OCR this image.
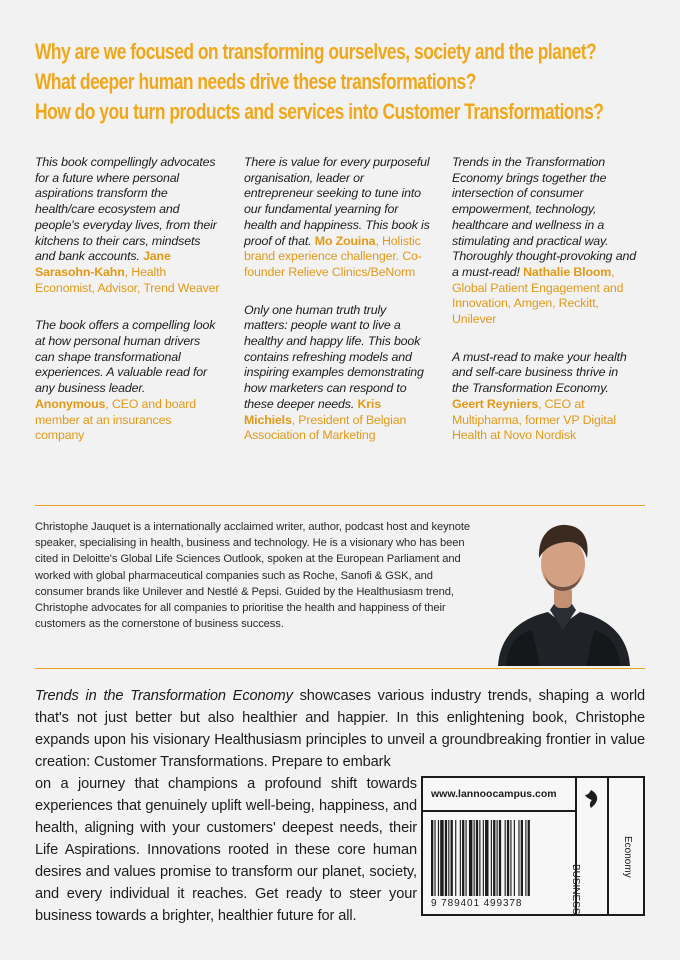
Why are we focused on transforming ourselves, society and the planet?
What deeper human needs drive these transformations?
How do you turn products and services into Customer Transformations?

This book compellingly advocates for a future where personal aspirations transform the health/care ecosystem and people's everyday lives, from their kitchens to their cars, mindsets and bank accounts. Jane Sarasohn-Kahn, Health Economist, Advisor, Trend Weaver

The book offers a compelling look at how personal human drivers can shape transformational experiences. A valuable read for any business leader. Anonymous, CEO and board member at an insurances company

There is value for every purposeful organisation, leader or entrepreneur seeking to tune into our fundamental yearning for health and happiness. This book is proof of that. Mo Zouina, Holistic brand experience challenger. Co-founder Relieve Clinics/BeNorm

Only one human truth truly matters: people want to live a healthy and happy life. This book contains refreshing models and inspiring examples demonstrating how marketers can respond to these deeper needs. Kris Michiels, President of Belgian Association of Marketing

Trends in the Transformation Economy brings together the intersection of consumer empowerment, technology, healthcare and wellness in a stimulating and practical way. Thoroughly thought-provoking and a must-read! Nathalie Bloom, Global Patient Engagement and Innovation, Amgen, Reckitt, Unilever

A must-read to make your health and self-care business thrive in the Transformation Economy. Geert Reyniers, CEO at Multipharma, former VP Digital Health at Novo Nordisk

Christophe Jauquet is a internationally acclaimed writer, author, podcast host and keynote speaker, specialising in health, business and technology. He is a visionary who has been cited in Deloitte's Global Life Sciences Outlook, spoken at the European Parliament and worked with global pharmaceutical companies such as Roche, Sanofi & GSK, and consumer brands like Unilever and Nestlé & Pepsi. Guided by the Healthusiasm trend, Christophe advocates for all companies to prioritise the health and happiness of their customers as the cornerstone of business success.

Trends in the Transformation Economy showcases various industry trends, shaping a world that's not just better but also healthier and happier. In this enlightening book, Christophe expands upon his visionary Healthusiasm principles to unveil a groundbreaking frontier in value creation: Customer Transformations. Prepare to embark

on a journey that champions a profound shift towards experiences that genuinely uplift well-being, happiness, and health, aligning with your customers' deepest needs, their Life Aspirations. Innovations rooted in these core human desires and values promise to transform our planet, society, and every individual it reaches. Get ready to steer your business towards a brighter, healthier future for all.

www.lannoocampus.com
9 789401 499378	BUSINESS
Economy
